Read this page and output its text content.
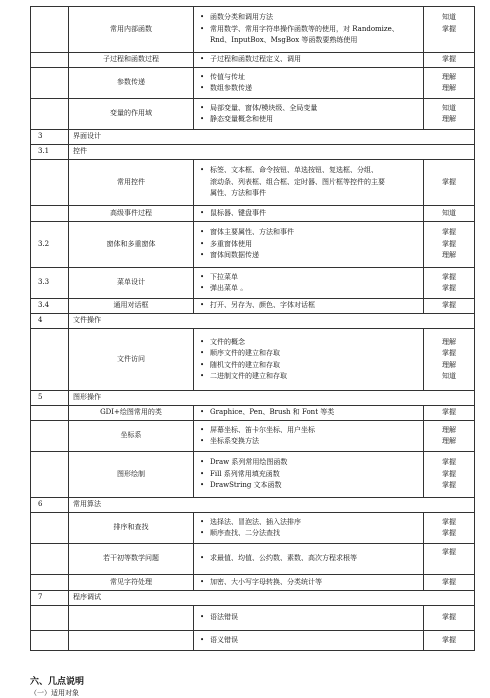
	常用内部函数	• 函数分类和调用方法
• 常用数学、常用字符串操作函数等的使用，对 Randomize、
Rnd、InputBox、MsgBox 等函数要熟练使用	知道
掌握

	子过程和函数过程	• 子过程和函数过程定义、调用	掌握

	参数传递	• 传值与传址
• 数组参数传递	理解
理解

	变量的作用域	• 局部变量、窗体/模块级、全局变量
• 静态变量概念和使用	知道
理解

3	界面设计		
3.1	控件		
	常用控件	• 标签、文本框、命令按钮、单选按钮、复选框、分组、
滚动条、列表框、组合框、定时器、图片框等控件的主要
属性、方法和事件	掌握

	高级事件过程	• 鼠标器、键盘事件	知道

3.2	窗体和多重窗体	• 窗体主要属性、方法和事件
• 多重窗体使用
• 窗体间数据传递	掌握
掌握
理解

3.3	菜单设计	• 下拉菜单
• 弹出菜单 。	掌握
掌握

3.4	通用对话框	• 打开、另存为、颜色、字体对话框	掌握

4	文件操作		
	文件访问	• 文件的概念
• 顺序文件的建立和存取
• 随机文件的建立和存取
• 二进制文件的建立和存取	理解
掌握
理解
知道

5	图形操作		
	GDI+绘图常用的类	• Graphice、Pen、Brush 和 Font 等类	掌握

	坐标系	• 屏幕坐标、笛卡尔坐标、用户坐标
• 坐标系变换方法	理解
理解

	图形绘制	• Draw 系列常用绘图函数
• Fill 系列常用填充函数
• DrawString 文本函数	掌握
掌握
掌握

6	常用算法		
	排序和查找	• 选择法、冒泡法、插入法排序
• 顺序查找、二分法查找	掌握
掌握

	若干初等数学问题	• 求最值、均值、公约数、素数、高次方程求根等	掌握

	常见字符处理	• 加密、大小写字母转换、分类统计等	掌握

7	程序调试		

		• 语法错误	掌握

		• 语义错误	掌握
六、几点说明
（一）适用对象
